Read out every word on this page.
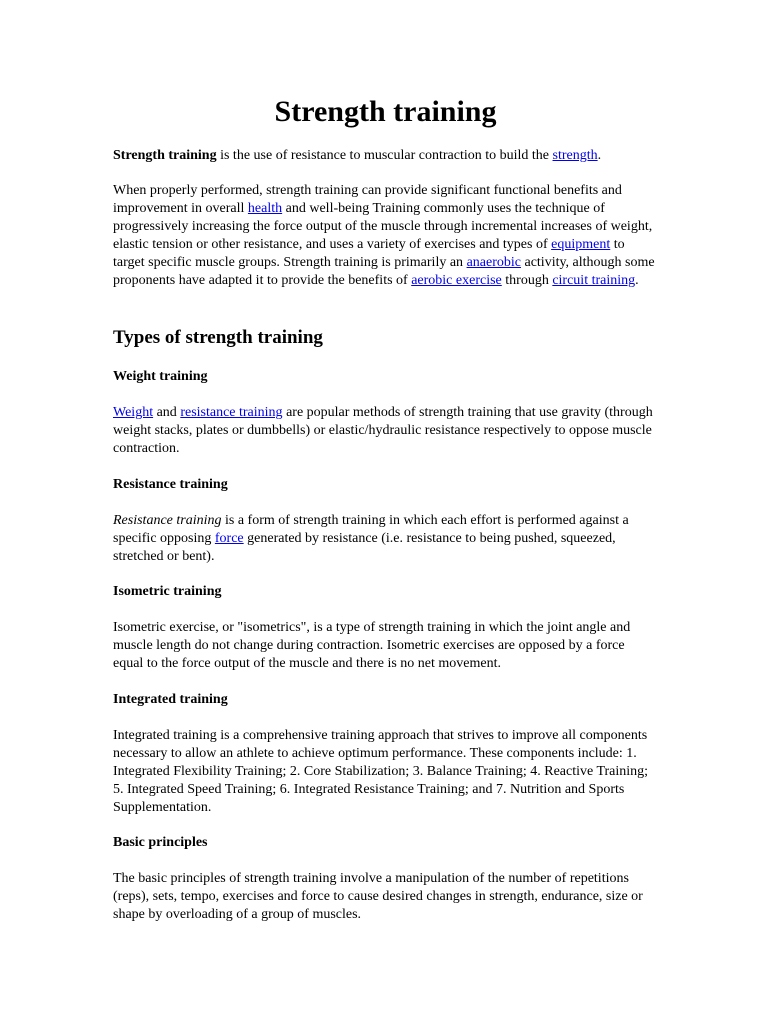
Strength training

Strength training is the use of resistance to muscular contraction to build the strength.

When properly performed, strength training can provide significant functional benefits and improvement in overall health and well-being Training commonly uses the technique of progressively increasing the force output of the muscle through incremental increases of weight, elastic tension or other resistance, and uses a variety of exercises and types of equipment to target specific muscle groups. Strength training is primarily an anaerobic activity, although some proponents have adapted it to provide the benefits of aerobic exercise through circuit training.

Types of strength training
Weight training

Weight and resistance training are popular methods of strength training that use gravity (through weight stacks, plates or dumbbells) or elastic/hydraulic resistance respectively to oppose muscle contraction.

Resistance training

Resistance training is a form of strength training in which each effort is performed against a specific opposing force generated by resistance (i.e. resistance to being pushed, squeezed, stretched or bent).

Isometric training

Isometric exercise, or "isometrics", is a type of strength training in which the joint angle and muscle length do not change during contraction. Isometric exercises are opposed by a force equal to the force output of the muscle and there is no net movement.

Integrated training

Integrated training is a comprehensive training approach that strives to improve all components necessary to allow an athlete to achieve optimum performance. These components include: 1. Integrated Flexibility Training; 2. Core Stabilization; 3. Balance Training; 4. Reactive Training; 5. Integrated Speed Training; 6. Integrated Resistance Training; and 7. Nutrition and Sports Supplementation.

Basic principles

The basic principles of strength training involve a manipulation of the number of repetitions (reps), sets, tempo, exercises and force to cause desired changes in strength, endurance, size or shape by overloading of a group of muscles.
